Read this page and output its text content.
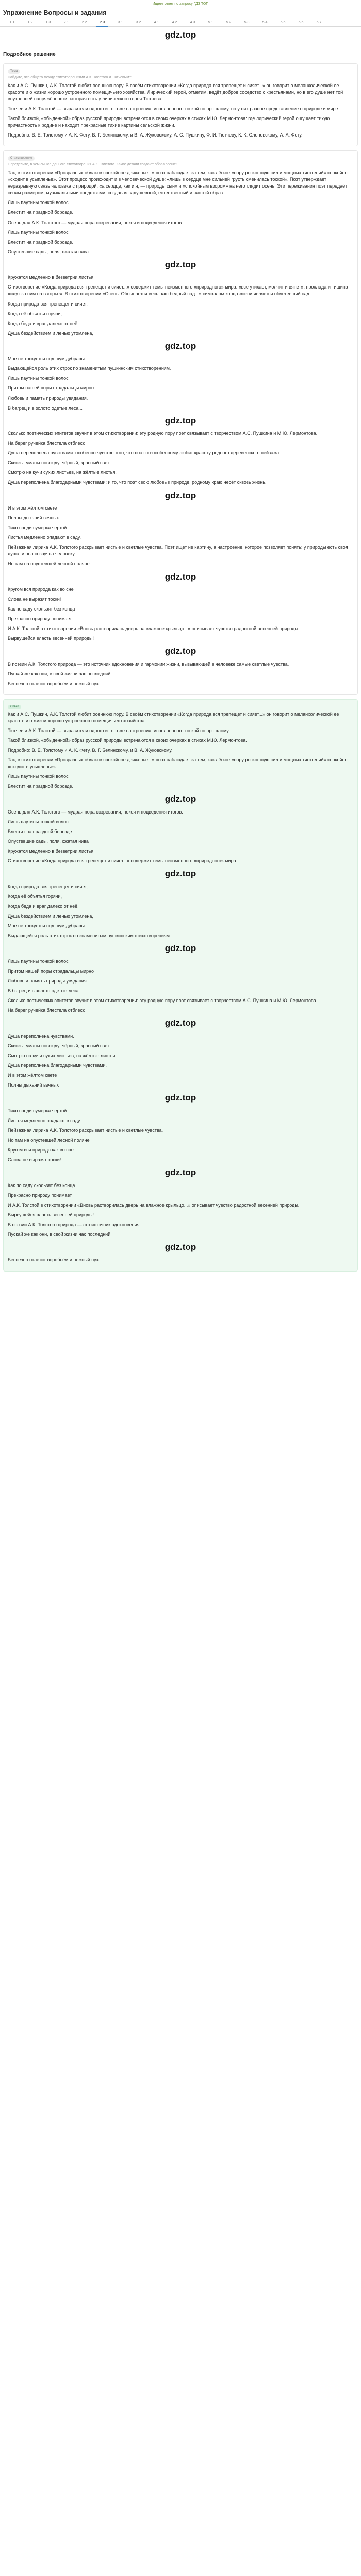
Ищете ответ по запросу ГДЗ ТОП
Упражнение Вопросы и задания
1.1	1.2	1.3	2.1	2.2	2.3	3.1	3.2	4.1	4.2	4.3	5.1	5.2	5.3	5.4	5.5	5.6	5.7
gdz.top
Подробное решение
Тема
Найдите, что общего между стихотворениями А.К. Толстого и Тютчевым?
Как и А.С. Пушкин, А.К. Толстой любит осеннюю пору. В своём стихотворении «Когда природа вся трепещет и сияет...» он говорит о меланхолической ее красоте и о жизни хорошо устроенного помещичьего хозяйства. Лирический герой, отметим, ведёт доброе соседство с крестьянами, но в его душе нет той внутренней напряжённости, которая есть у лирического героя Тютчева.
Тютчев и А.К. Толстой — выразители одного и того же настроения, исполненного тоской по прошлому, но у них разное представление о природе и мире.
Такой близкой, «обыденной» образ русской природы встречаются в своих очерках в стихах М.Ю. Лермонтова: где лирический герой ощущает тихую причастность к родине и находит прекрасные тихие картины сельской жизни.
Подробно: В. Е. Толстому и А. К. Фету, В. Г. Белинскому, и В. А. Жуковскому, А. С. Пушкину, Ф. И. Тютчеву, К. К. Слоновскому, А. А. Фету.
Стихотворение
Определите, в чём смысл данного стихотворения А.К. Толстого. Какие детали создают образ осени?
Так, в стихотворении «Прозрачных облаков спокойное движенье...» поэт наблюдает за тем, как лёгкое «пору роскошную сил и мощных тяготений» спокойно «сходит в усыпленье». Этот процесс происходит и в человеческой душе: «лишь в сердце мне сильней грусть сменилась тоской». Поэт утверждает неразрывную связь человека с природой: «а сердце, как и я, — природы сын» и «спокойным взором» на него глядит осень. Эти переживания поэт передаёт своим размером, музыкальными средствами, создавая задушевный, естественный и чистый образ.
Лишь паутины тонкой волос
Блестит на праздной борозде.
Осень для А.К. Толстого — мудрая пора созревания, покоя и подведения итогов.
Лишь паутины тонкой волос
Блестит на праздной борозде.
Опустевшие сады, поля, сжатая нива
gdz.top
Кружатся медленно в безветрии листья.
Стихотворение «Когда природа вся трепещет и сияет...» содержит темы неизменного «природного» мира: «все утихает, молчит и вянет»; прохлада и тишина «идут за ним на взгорье». В стихотворении «Осень. Обсыпается весь наш бедный сад...» символом конца жизни является облетевший сад.
Когда природа вся трепещет и сияет,
Когда её объятья горячи,
Когда беда и враг далеко от неё,
Душа бездействием и ленью утомлена,
gdz.top
Мне не тоскуется под шум дубравы.
Выдающейся роль этих строк по знаменитым пушкинским стихотворениям.
Лишь паутины тонкой волос
Притом нашей поры страдальцы мирно
Любовь и память природы увядания.
В багрец и в золото одетые леса...
gdz.top
Сколько поэтических эпитетов звучит в этом стихотворении: эту родную пору поэт связывает с творчеством А.С. Пушкина и М.Ю. Лермонтова.
На берег ручейка блестела отблеск
Душа переполнена чувствами: особенно чувство того, что поэт по-особенному любит красоту родного деревенского пейзажа.
Сквозь туманы повсюду: чёрный, красный свет
Смотрю на кучи сухих листьев, на жёлтые листья.
Душа переполнена благодарными чувствами: и то, что поэт свою любовь к природе, родному краю несёт сквозь жизнь.
gdz.top
И в этом жёлтом свете
Полны дыханий вечных
Тихо среди сумерки чертой
Листья медленно опадают в саду.
Пейзажная лирика А.К. Толстого раскрывает чистые и светлые чувства. Поэт ищет не картину, а настроение, которое позволяет понять: у природы есть своя душа, и она созвучна человеку.
Но там на опустевшей лесной поляне
gdz.top
Кругом вся природа как во сне
Слова не выразят тоски!
Как по саду скользят без конца
Прекрасно природу понимает
И А.К. Толстой в стихотворении «Вновь растворилась дверь на влажное крыльцо...» описывает чувство радостной весенней природы.
Вырвущейся власть весенней природы!
gdz.top
В поэзии А.К. Толстого природа — это источник вдохновения и гармонии жизни, вызывающей в человеке самые светлые чувства.
Пускай же как они, в свой жизни час последний,
Беспечно отлетит воробьём и нежный пух.
Ответ
Как и А.С. Пушкин, А.К. Толстой любит осеннюю пору. В своём стихотворении «Когда природа вся трепещет и сияет...» он говорит о меланхолической ее красоте и о жизни хорошо устроенного помещичьего хозяйства.
Тютчев и А.К. Толстой — выразители одного и того же настроения, исполненного тоской по прошлому.
Такой близкой, «обыденной» образ русской природы встречаются в своих очерках в стихах М.Ю. Лермонтова.
Подробно: В. Е. Толстому и А. К. Фету, В. Г. Белинскому, и В. А. Жуковскому.
Так, в стихотворении «Прозрачных облаков спокойное движенье...» поэт наблюдает за тем, как лёгкое «пору роскошную сил и мощных тяготений» спокойно «сходит в усыпленье».
Лишь паутины тонкой волос
Блестит на праздной борозде.
gdz.top
Осень для А.К. Толстого — мудрая пора созревания, покоя и подведения итогов.
Лишь паутины тонкой волос
Блестит на праздной борозде.
Опустевшие сады, поля, сжатая нива
Кружатся медленно в безветрии листья.
Стихотворение «Когда природа вся трепещет и сияет...» содержит темы неизменного «природного» мира.
gdz.top
Когда природа вся трепещет и сияет,
Когда её объятья горячи,
Когда беда и враг далеко от неё,
Душа бездействием и ленью утомлена,
Мне не тоскуется под шум дубравы.
Выдающейся роль этих строк по знаменитым пушкинским стихотворениям.
gdz.top
Лишь паутины тонкой волос
Притом нашей поры страдальцы мирно
Любовь и память природы увядания.
В багрец и в золото одетые леса...
Сколько поэтических эпитетов звучит в этом стихотворении: эту родную пору поэт связывает с творчеством А.С. Пушкина и М.Ю. Лермонтова.
На берег ручейка блестела отблеск
gdz.top
Душа переполнена чувствами.
Сквозь туманы повсюду: чёрный, красный свет
Смотрю на кучи сухих листьев, на жёлтые листья.
Душа переполнена благодарными чувствами.
И в этом жёлтом свете
Полны дыханий вечных
gdz.top
Тихо среди сумерки чертой
Листья медленно опадают в саду.
Пейзажная лирика А.К. Толстого раскрывает чистые и светлые чувства.
Но там на опустевшей лесной поляне
Кругом вся природа как во сне
Слова не выразят тоски!
gdz.top
Как по саду скользят без конца
Прекрасно природу понимает
И А.К. Толстой в стихотворении «Вновь растворилась дверь на влажное крыльцо...» описывает чувство радостной весенней природы.
Вырвущейся власть весенней природы!
В поэзии А.К. Толстого природа — это источник вдохновения.
Пускай же как они, в свой жизни час последний,
gdz.top
Беспечно отлетит воробьём и нежный пух.
